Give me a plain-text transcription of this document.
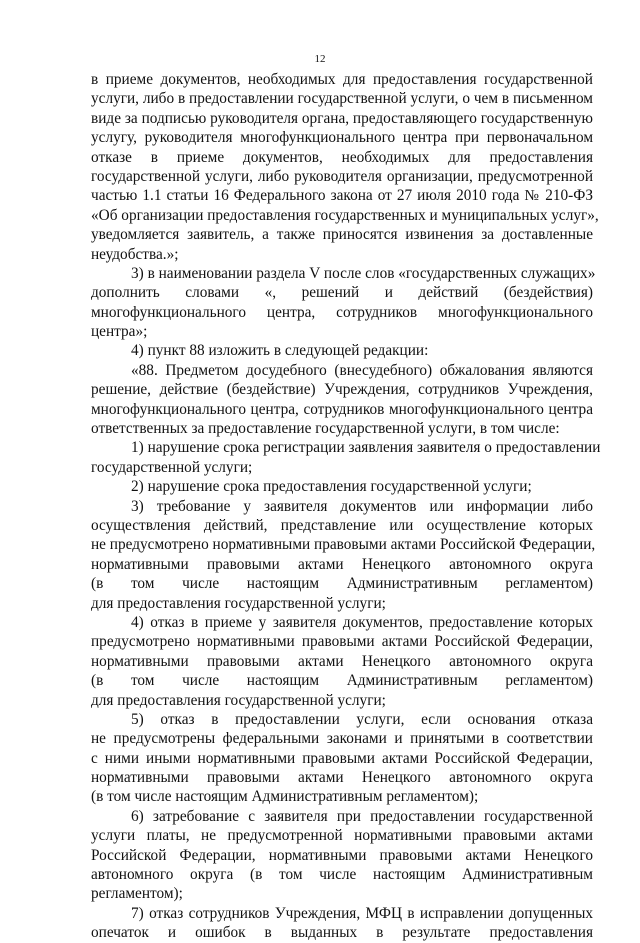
12
в приеме документов, необходимых для предоставления государственной
услуги, либо в предоставлении государственной услуги, о чем в письменном
виде за подписью руководителя органа, предоставляющего государственную
услугу, руководителя многофункционального центра при первоначальном
отказе в приеме документов, необходимых для предоставления
государственной услуги, либо руководителя организации, предусмотренной
частью 1.1 статьи 16 Федерального закона от 27 июля 2010 года № 210-ФЗ
«Об организации предоставления государственных и муниципальных услуг»,
уведомляется заявитель, а также приносятся извинения за доставленные
неудобства.»;
3) в наименовании раздела V после слов «государственных служащих»
дополнить словами «, решений и действий (бездействия)
многофункционального центра, сотрудников многофункционального
центра»;
4) пункт 88 изложить в следующей редакции:
«88. Предметом досудебного (внесудебного) обжалования являются
решение, действие (бездействие) Учреждения, сотрудников Учреждения,
многофункционального центра, сотрудников многофункционального центра
ответственных за предоставление государственной услуги, в том числе:
1) нарушение срока регистрации заявления заявителя о предоставлении
государственной услуги;
2) нарушение срока предоставления государственной услуги;
3) требование у заявителя документов или информации либо
осуществления действий, представление или осуществление которых
не предусмотрено нормативными правовыми актами Российской Федерации,
нормативными правовыми актами Ненецкого автономного округа
(в том числе настоящим Административным регламентом)
для предоставления государственной услуги;
4) отказ в приеме у заявителя документов, предоставление которых
предусмотрено нормативными правовыми актами Российской Федерации,
нормативными правовыми актами Ненецкого автономного округа
(в том числе настоящим Административным регламентом)
для предоставления государственной услуги;
5) отказ в предоставлении услуги, если основания отказа
не предусмотрены федеральными законами и принятыми в соответствии
с ними иными нормативными правовыми актами Российской Федерации,
нормативными правовыми актами Ненецкого автономного округа
(в том числе настоящим Административным регламентом);
6) затребование с заявителя при предоставлении государственной
услуги платы, не предусмотренной нормативными правовыми актами
Российской Федерации, нормативными правовыми актами Ненецкого
автономного округа (в том числе настоящим Административным
регламентом);
7) отказ сотрудников Учреждения, МФЦ в исправлении допущенных
опечаток и ошибок в выданных в результате предоставления
